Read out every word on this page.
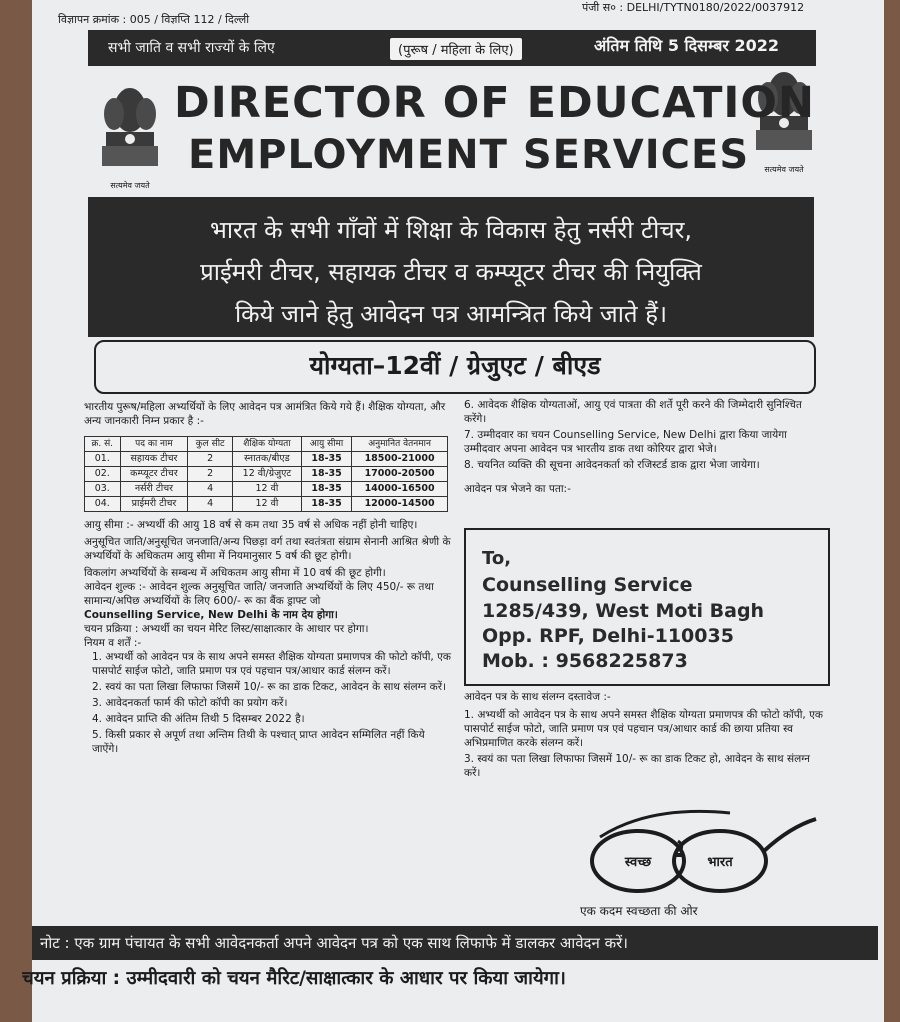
विज्ञापन क्रमांक : 005 / विज्ञप्ति 112 / दिल्ली
पंजी स० : DELHI/TYTN0180/2022/0037912
सभी जाति व सभी राज्यों के लिए	(पुरूष / महिला के लिए)	अंतिम तिथि 5 दिसम्बर 2022
सत्यमेव जयते
सत्यमेव जयते
DIRECTOR OF EDUCATION
EMPLOYMENT SERVICES
भारत के सभी गाँवों में शिक्षा के विकास हेतु नर्सरी टीचर,
प्राईमरी टीचर, सहायक टीचर व कम्प्यूटर टीचर की नियुक्ति
किये जाने हेतु आवेदन पत्र आमन्त्रित किये जाते हैं।
योग्यता–12वीं / ग्रेजुएट / बीएड

भारतीय पुरूष/महिला अभ्यर्थियों के लिए आवेदन पत्र आमंत्रित किये गये हैं। शैक्षिक योग्यता, और अन्य जानकारी निम्न प्रकार है :-

क्र. सं.	पद का नाम	कुल सीट	शैक्षिक योग्यता	आयु सीमा	अनुमानित वेतनमान
01.	सहायक टीचर	2	स्नातक/बीएड	18-35	18500-21000
02.	कम्प्यूटर टीचर	2	12 वी/ग्रेजुएट	18-35	17000-20500
03.	नर्सरी टीचर	4	12 वी	18-35	14000-16500
04.	प्राईमरी टीचर	4	12 वी	18-35	12000-14500

आयु सीमा :- अभ्यर्थी की आयु 18 वर्ष से कम तथा 35 वर्ष से अधिक नहीं होनी चाहिए।

अनुसूचित जाति/अनुसूचित जनजाति/अन्य पिछड़ा वर्ग तथा स्वतंत्रता संग्राम सेनानी आश्रित श्रेणी के अभ्यर्थियों के अधिकतम आयु सीमा में नियमानुसार 5 वर्ष की छूट होगी।

विकलांग अभ्यर्थियों के सम्बन्ध में अधिकतम आयु सीमा में 10 वर्ष की छूट होगी।

आवेदन शुल्क :- आवेदन शुल्क अनुसूचित जाति/ जनजाति अभ्यर्थियों के लिए 450/- रू तथा सामान्य/अपिछ अभ्यर्थियों के लिए 600/- रू का बैंक ड्राफ्ट जो

Counselling Service, New Delhi के नाम देय होगा।

चयन प्रक्रिया : अभ्यर्थी का चयन मेरिट लिस्ट/साक्षात्कार के आधार पर होगा।

नियम व शर्तें :-

1. अभ्यर्थी को आवेदन पत्र के साथ अपने समस्त शैक्षिक योग्यता प्रमाणपत्र की फोटो कॉपी, एक पासपोर्ट साईज फोटो, जाति प्रमाण पत्र एवं पहचान पत्र/आधार कार्ड संलग्न करें।
2. स्वयं का पता लिखा लिफाफा जिसमें 10/- रू का डाक टिकट, आवेदन के साथ संलग्न करें।
3. आवेदनकर्ता फार्म की फोटो कॉपी का प्रयोग करें।
4. आवेदन प्राप्ति की अंतिम तिथी 5 दिसम्बर 2022 है।
5. किसी प्रकार से अपूर्ण तथा अन्तिम तिथी के पश्चात् प्राप्त आवेदन सम्मिलित नहीं किये जाऐंगे।
6. आवेदक शैक्षिक योग्यताओं, आयु एवं पात्रता की शर्ते पूरी करने की जिम्मेदारी सुनिश्चित करेंगे।
7. उम्मीदवार का चयन Counselling Service, New Delhi द्वारा किया जायेगा उम्मीदवार अपना आवेदन पत्र भारतीय डाक तथा कोरियर द्वारा भेजे।
8. चयनित व्यक्ति की सूचना आवेदनकर्ता को रजिस्टर्ड डाक द्वारा भेजा जायेगा।

आवेदन पत्र भेजने का पता:-

To,
Counselling Service
1285/439, West Moti Bagh
Opp. RPF, Delhi-110035
Mob. : 9568225873

आवेदन पत्र के साथ संलग्न दस्तावेज :-

1. अभ्यर्थी को आवेदन पत्र के साथ अपने समस्त शैक्षिक योग्यता प्रमाणपत्र की फोटो कॉपी, एक पासपोर्ट साईज फोटो, जाति प्रमाण पत्र एवं पहचान पत्र/आधार कार्ड की छाया प्रतिया स्व अभिप्रमाणित करके संलग्न करें।
3. स्वयं का पता लिखा लिफाफा जिसमें 10/- रू का डाक टिकट हो, आवेदन के साथ संलग्न करें।
स्वच्छ	भारत
एक कदम स्वच्छता की ओर
नोट : एक ग्राम पंचायत के सभी आवेदनकर्ता अपने आवेदन पत्र को एक साथ लिफाफे में डालकर आवेदन करें।
चयन प्रक्रिया : उम्मीदवारी को चयन मैरिट/साक्षात्कार के आधार पर किया जायेगा।
